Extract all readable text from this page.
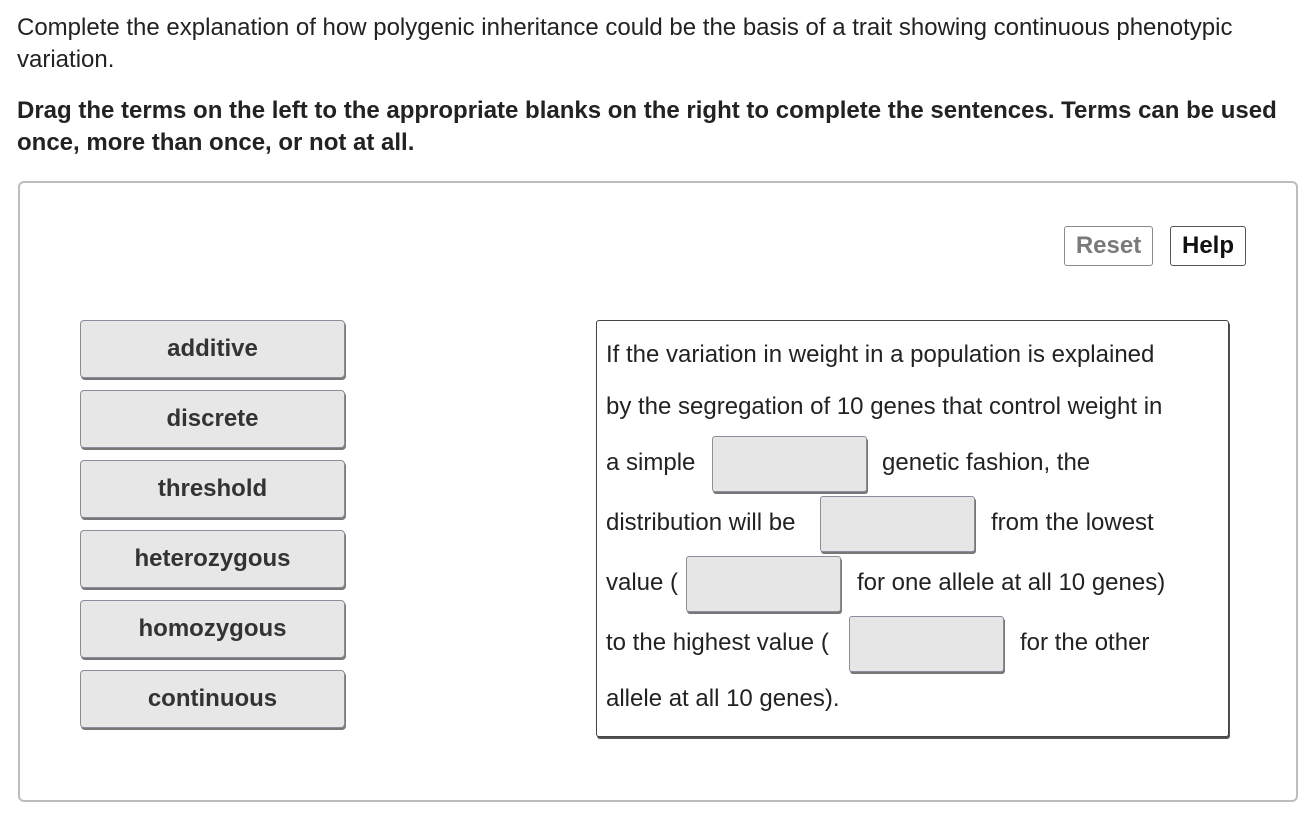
Complete the explanation of how polygenic inheritance could be the basis of a trait showing continuous phenotypic variation.

Drag the terms on the left to the appropriate blanks on the right to complete the sentences. Terms can be used once, more than once, or not at all.

Reset	Help
additive
discrete
threshold
heterozygous
homozygous
continuous
If the variation in weight in a population is explained
by the segregation of 10 genes that control weight in
a simple	genetic fashion, the
distribution will be	from the lowest
value (	for one allele at all 10 genes)
to the highest value (	for the other
allele at all 10 genes).
